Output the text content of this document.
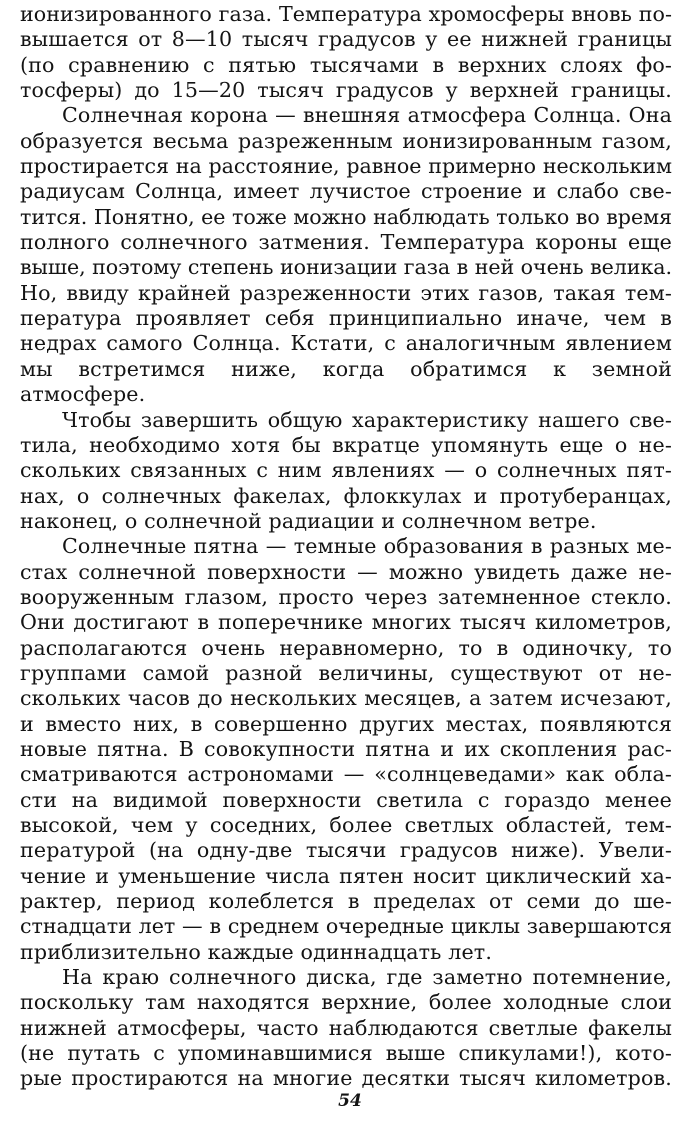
ионизированного газа. Температура хромосферы вновь по-
вышается от 8—10 тысяч градусов у ее нижней границы
(по сравнению с пятью тысячами в верхних слоях фо-
тосферы) до 15—20 тысяч градусов у верхней границы.
Солнечная корона — внешняя атмосфера Солнца. Она
образуется весьма разреженным ионизированным газом,
простирается на расстояние, равное примерно нескольким
радиусам Солнца, имеет лучистое строение и слабо све-
тится. Понятно, ее тоже можно наблюдать только во время
полного солнечного затмения. Температура короны еще
выше, поэтому степень ионизации газа в ней очень велика.
Но, ввиду крайней разреженности этих газов, такая тем-
пература проявляет себя принципиально иначе, чем в
недрах самого Солнца. Кстати, с аналогичным явлением
мы встретимся ниже, когда обратимся к земной
атмосфере.
Чтобы завершить общую характеристику нашего све-
тила, необходимо хотя бы вкратце упомянуть еще о не-
скольких связанных с ним явлениях — о солнечных пят-
нах, о солнечных факелах, флоккулах и протуберанцах,
наконец, о солнечной радиации и солнечном ветре.
Солнечные пятна — темные образования в разных ме-
стах солнечной поверхности — можно увидеть даже не-
вооруженным глазом, просто через затемненное стекло.
Они достигают в поперечнике многих тысяч километров,
располагаются очень неравномерно, то в одиночку, то
группами самой разной величины, существуют от не-
скольких часов до нескольких месяцев, а затем исчезают,
и вместо них, в совершенно других местах, появляются
новые пятна. В совокупности пятна и их скопления рас-
сматриваются астрономами — «солнцеведами» как обла-
сти на видимой поверхности светила с гораздо менее
высокой, чем у соседних, более светлых областей, тем-
пературой (на одну-две тысячи градусов ниже). Увели-
чение и уменьшение числа пятен носит циклический ха-
рактер, период колеблется в пределах от семи до ше-
стнадцати лет — в среднем очередные циклы завершаются
приблизительно каждые одиннадцать лет.
На краю солнечного диска, где заметно потемнение,
поскольку там находятся верхние, более холодные слои
нижней атмосферы, часто наблюдаются светлые факелы
(не путать с упоминавшимися выше спикулами!), кото-
рые простираются на многие десятки тысяч километров.
54
